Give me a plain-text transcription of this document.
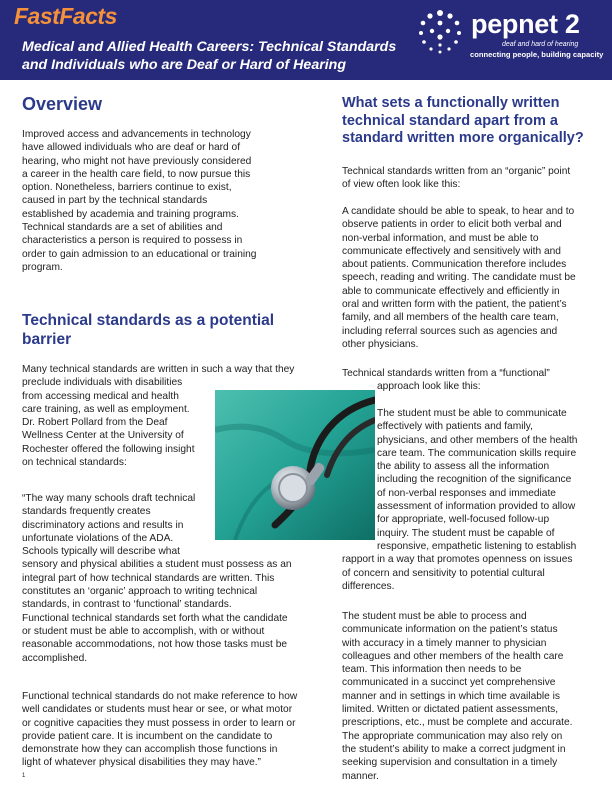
FastFacts
Medical and Allied Health Careers: Technical Standards
and Individuals who are Deaf or Hard of Hearing
pepnet 2
deaf and hard of hearing
connecting people, building capacity
Overview
Improved access and advancements in technology
have allowed individuals who are deaf or hard of
hearing, who might not have previously considered
a career in the health care field, to now pursue this
option. Nonetheless, barriers continue to exist,
caused in part by the technical standards
established by academia and training programs.
Technical standards are a set of abilities and
characteristics a person is required to possess in
order to gain admission to an educational or training
program.
Technical standards as a potential
barrier
Many technical standards are written in such a way that they
preclude individuals with disabilities
from accessing medical and health
care training, as well as employment.
Dr. Robert Pollard from the Deaf
Wellness Center at the University of
Rochester offered the following insight
on technical standards:
“The way many schools draft technical
standards frequently creates
discriminatory actions and results in
unfortunate violations of the ADA.
Schools typically will describe what
sensory and physical abilities a student must possess as an
integral part of how technical standards are written. This
constitutes an ‘organic’ approach to writing technical
standards, in contrast to ‘functional’ standards.
Functional technical standards set forth what the candidate
or student must be able to accomplish, with or without
reasonable accommodations, not how those tasks must be
accomplished.
Functional technical standards do not make reference to how
well candidates or students must hear or see, or what motor
or cognitive capacities they must possess in order to learn or
provide patient care. It is incumbent on the candidate to
demonstrate how they can accomplish those functions in
light of whatever physical disabilities they may have.”
1
What sets a functionally written
technical standard apart from a
standard written more organically?
Technical standards written from an “organic” point
of view often look like this:
A candidate should be able to speak, to hear and to
observe patients in order to elicit both verbal and
non-verbal information, and must be able to
communicate effectively and sensitively with and
about patients. Communication therefore includes
speech, reading and writing. The candidate must be
able to communicate effectively and efficiently in
oral and written form with the patient, the patient’s
family, and all members of the health care team,
including referral sources such as agencies and
other physicians.
Technical standards written from a “functional”
approach look like this:
The student must be able to communicate
effectively with patients and family,
physicians, and other members of the health
care team. The communication skills require
the ability to assess all the information
including the recognition of the significance
of non-verbal responses and immediate
assessment of information provided to allow
for appropriate, well-focused follow-up
inquiry. The student must be capable of
responsive, empathetic listening to establish
rapport in a way that promotes openness on issues
of concern and sensitivity to potential cultural
differences.
The student must be able to process and
communicate information on the patient’s status
with accuracy in a timely manner to physician
colleagues and other members of the health care
team. This information then needs to be
communicated in a succinct yet comprehensive
manner and in settings in which time available is
limited. Written or dictated patient assessments,
prescriptions, etc., must be complete and accurate.
The appropriate communication may also rely on
the student’s ability to make a correct judgment in
seeking supervision and consultation in a timely
manner.
